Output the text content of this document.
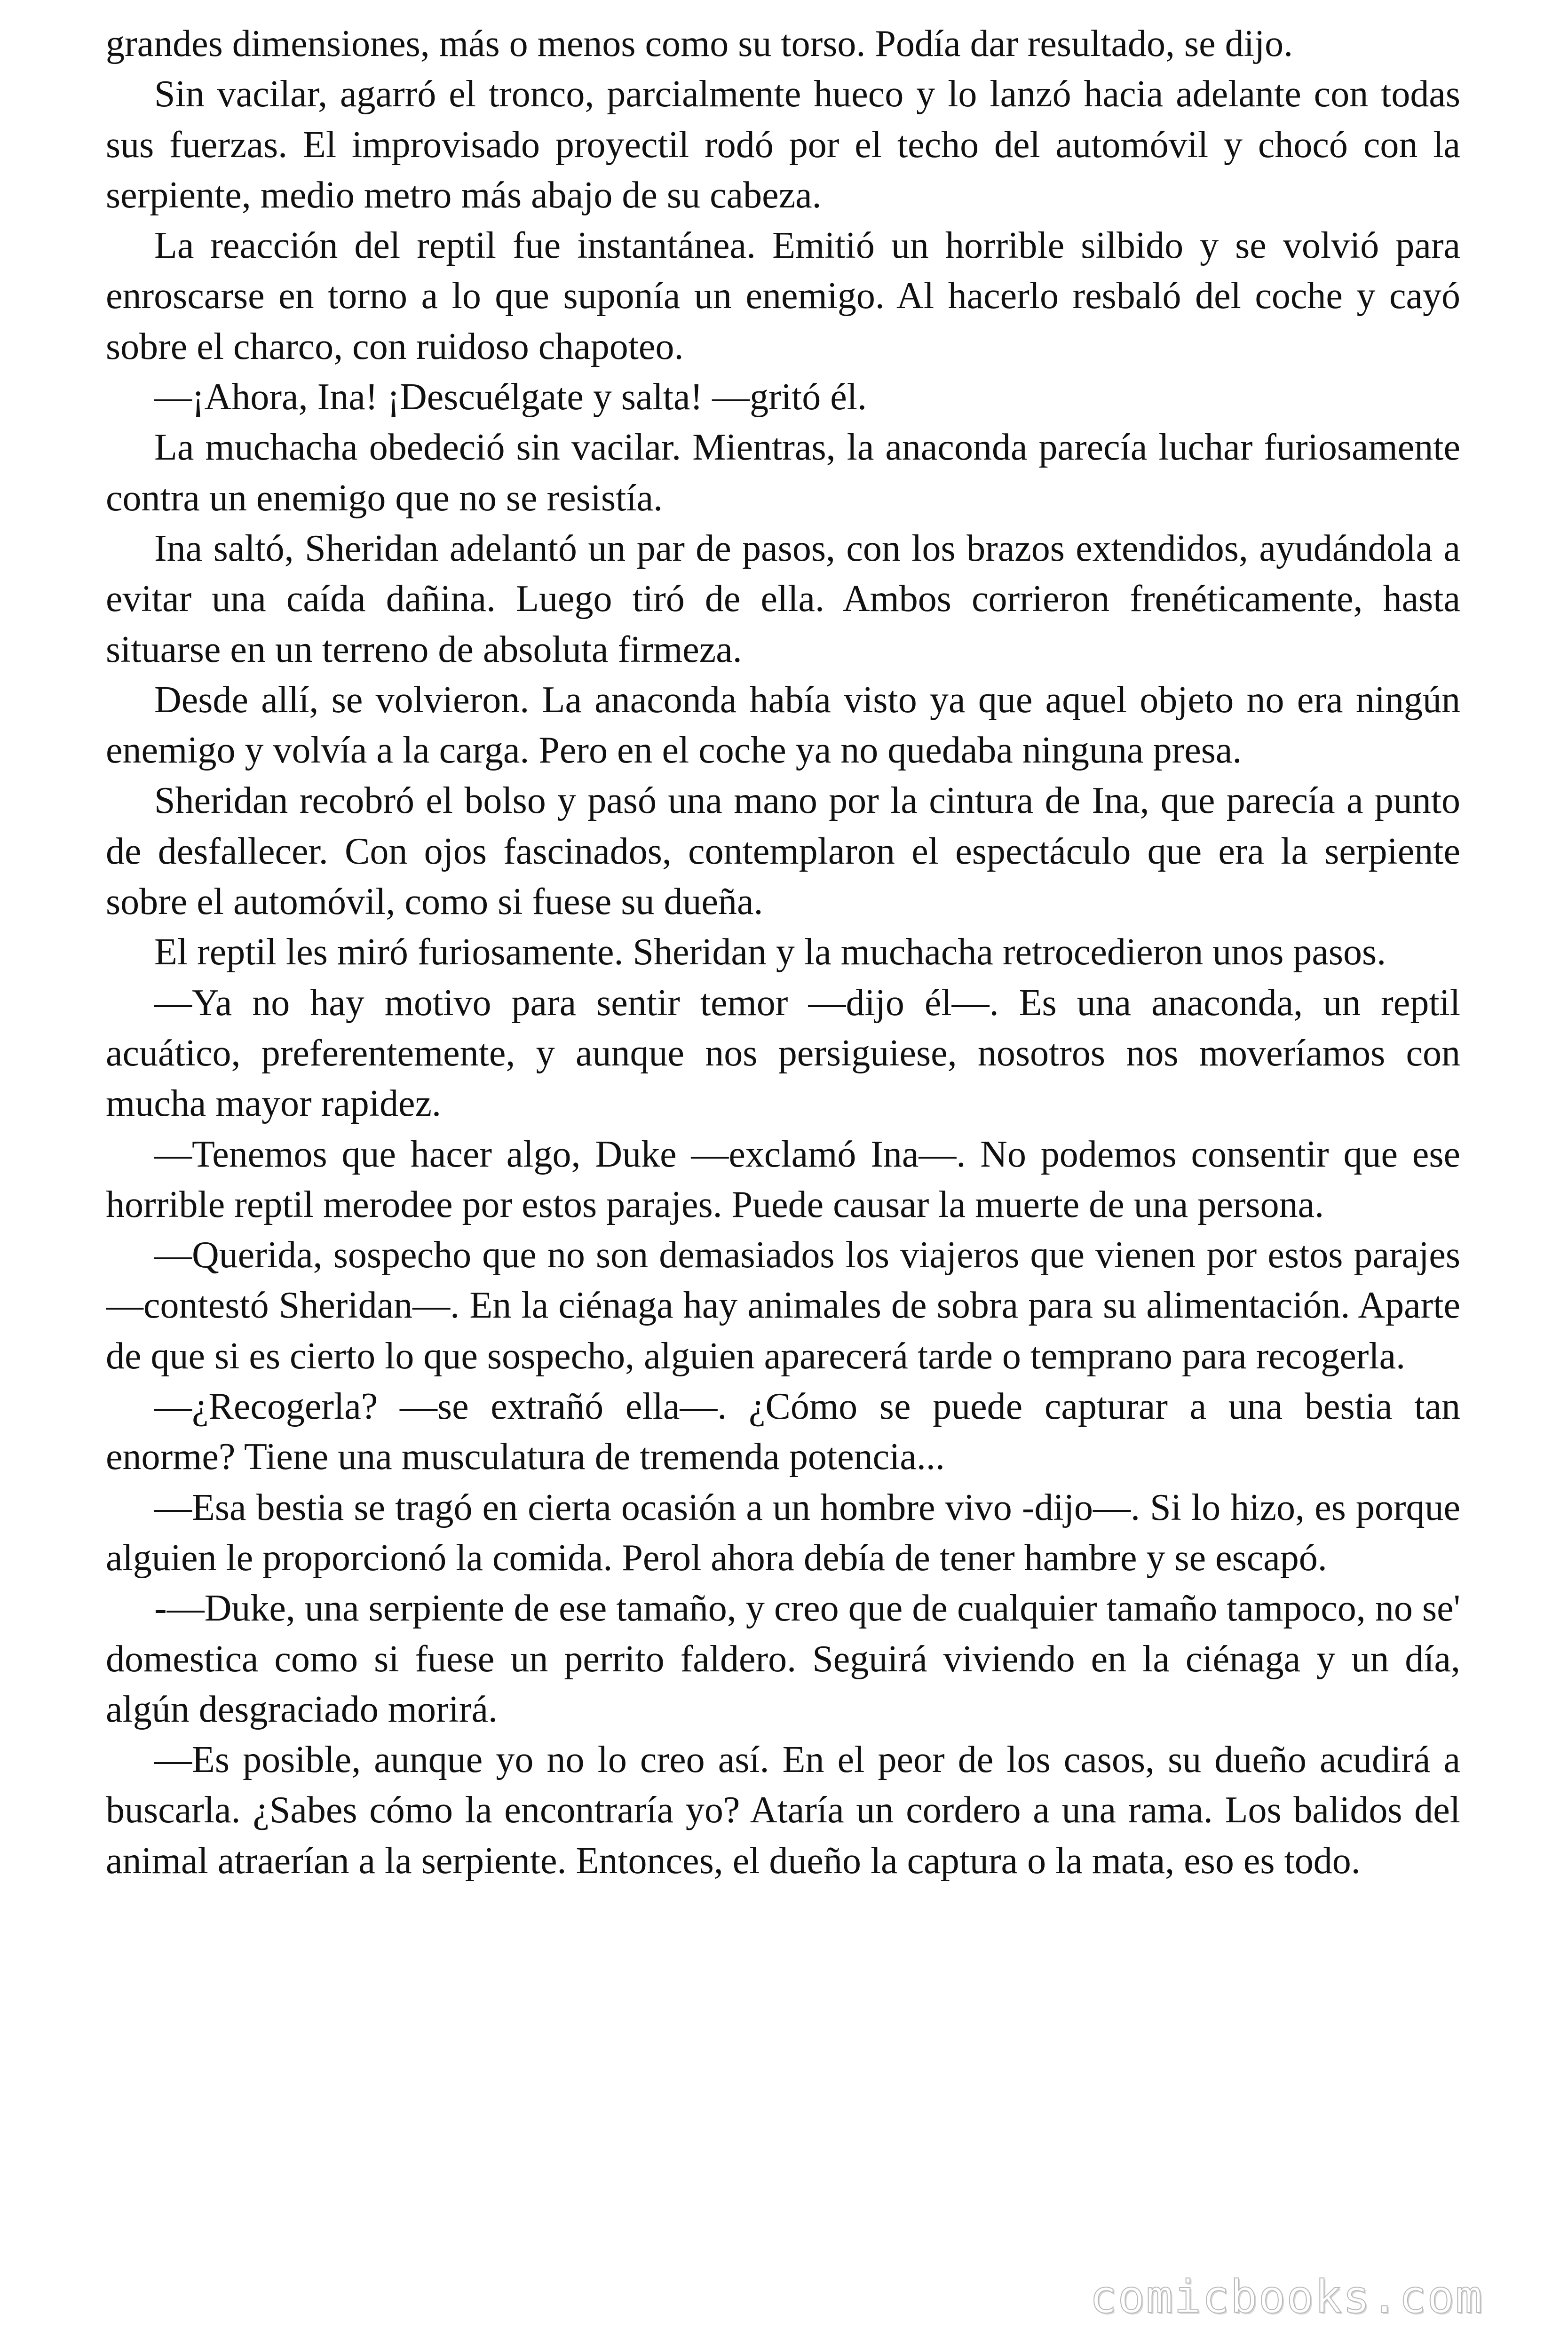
grandes dimensiones, más o menos como su torso. Podía dar resultado, se dijo.

Sin vacilar, agarró el tronco, parcialmente hueco y lo lanzó hacia adelante con todas sus fuerzas. El improvisado proyectil rodó por el techo del automóvil y chocó con la serpiente, medio metro más abajo de su cabeza.

La reacción del reptil fue instantánea. Emitió un horrible silbido y se volvió para enroscarse en torno a lo que suponía un enemigo. Al hacerlo resbaló del coche y cayó sobre el charco, con ruidoso chapoteo.

—¡Ahora, Ina! ¡Descuélgate y salta! —gritó él.

La muchacha obedeció sin vacilar. Mientras, la anaconda parecía luchar furiosamente contra un enemigo que no se resistía.

Ina saltó, Sheridan adelantó un par de pasos, con los brazos extendidos, ayudándola a evitar una caída dañina. Luego tiró de ella. Ambos corrieron frenéticamente, hasta situarse en un terreno de absoluta firmeza.

Desde allí, se volvieron. La anaconda había visto ya que aquel objeto no era ningún enemigo y volvía a la carga. Pero en el coche ya no quedaba ninguna presa.

Sheridan recobró el bolso y pasó una mano por la cintura de Ina, que parecía a punto de desfallecer. Con ojos fascinados, contemplaron el espectáculo que era la serpiente sobre el automóvil, como si fuese su dueña.

El reptil les miró furiosamente. Sheridan y la muchacha retrocedieron unos pasos.

—Ya no hay motivo para sentir temor —dijo él—. Es una anaconda, un reptil acuático, preferentemente, y aunque nos persiguiese, nosotros nos moveríamos con mucha mayor rapidez.

—Tenemos que hacer algo, Duke —exclamó Ina—. No podemos consentir que ese horrible reptil merodee por estos parajes. Puede causar la muerte de una persona.

—Querida, sospecho que no son demasiados los viajeros que vienen por estos parajes —contestó Sheridan—. En la ciénaga hay animales de sobra para su alimentación. Aparte de que si es cierto lo que sospecho, alguien aparecerá tarde o temprano para recogerla.

—¿Recogerla? —se extrañó ella—. ¿Cómo se puede capturar a una bestia tan enorme? Tiene una musculatura de tremenda potencia...

—Esa bestia se tragó en cierta ocasión a un hombre vivo -dijo—. Si lo hizo, es porque alguien le proporcionó la comida. Perol ahora debía de tener hambre y se escapó.

-—Duke, una serpiente de ese tamaño, y creo que de cualquier tamaño tampoco, no se' domestica como si fuese un perrito faldero. Seguirá viviendo en la ciénaga y un día, algún desgraciado morirá.

—Es posible, aunque yo no lo creo así. En el peor de los casos, su dueño acudirá a buscarla. ¿Sabes cómo la encontraría yo? Ataría un cordero a una rama. Los balidos del animal atraerían a la serpiente. Entonces, el dueño la captura o la mata, eso es todo.

comicbooks.com
